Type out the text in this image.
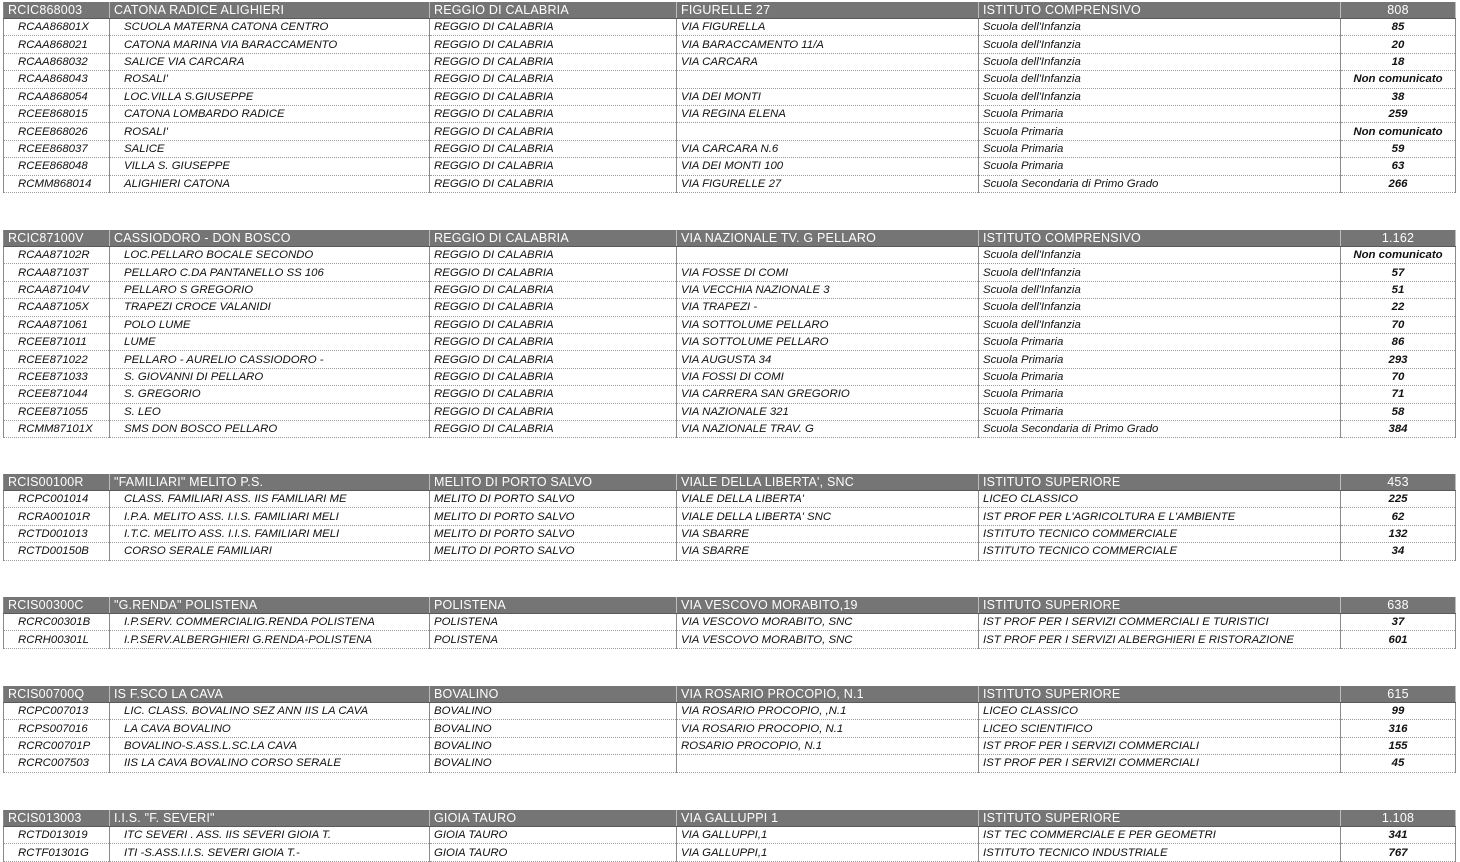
RCIC868003	CATONA RADICE ALIGHIERI	REGGIO DI CALABRIA	FIGURELLE 27	ISTITUTO COMPRENSIVO	808
RCAA86801X	SCUOLA MATERNA CATONA CENTRO	REGGIO DI CALABRIA	VIA FIGURELLA	Scuola dell'Infanzia	85
RCAA868021	CATONA MARINA VIA BARACCAMENTO	REGGIO DI CALABRIA	VIA BARACCAMENTO 11/A	Scuola dell'Infanzia	20
RCAA868032	SALICE VIA CARCARA	REGGIO DI CALABRIA	VIA CARCARA	Scuola dell'Infanzia	18
RCAA868043	ROSALI'	REGGIO DI CALABRIA		Scuola dell'Infanzia	Non comunicato
RCAA868054	LOC.VILLA S.GIUSEPPE	REGGIO DI CALABRIA	VIA DEI MONTI	Scuola dell'Infanzia	38
RCEE868015	CATONA LOMBARDO RADICE	REGGIO DI CALABRIA	VIA REGINA ELENA	Scuola Primaria	259
RCEE868026	ROSALI'	REGGIO DI CALABRIA		Scuola Primaria	Non comunicato
RCEE868037	SALICE	REGGIO DI CALABRIA	VIA CARCARA N.6	Scuola Primaria	59
RCEE868048	VILLA S. GIUSEPPE	REGGIO DI CALABRIA	VIA DEI MONTI 100	Scuola Primaria	63
RCMM868014	ALIGHIERI CATONA	REGGIO DI CALABRIA	VIA FIGURELLE 27	Scuola Secondaria di Primo Grado	266
RCIC87100V	CASSIODORO - DON BOSCO	REGGIO DI CALABRIA	VIA NAZIONALE TV. G PELLARO	ISTITUTO COMPRENSIVO	1.162
RCAA87102R	LOC.PELLARO BOCALE SECONDO	REGGIO DI CALABRIA		Scuola dell'Infanzia	Non comunicato
RCAA87103T	PELLARO C.DA PANTANELLO SS 106	REGGIO DI CALABRIA	VIA FOSSE DI COMI	Scuola dell'Infanzia	57
RCAA87104V	PELLARO S GREGORIO	REGGIO DI CALABRIA	VIA VECCHIA NAZIONALE 3	Scuola dell'Infanzia	51
RCAA87105X	TRAPEZI CROCE VALANIDI	REGGIO DI CALABRIA	VIA TRAPEZI -	Scuola dell'Infanzia	22
RCAA871061	POLO LUME	REGGIO DI CALABRIA	VIA SOTTOLUME PELLARO	Scuola dell'Infanzia	70
RCEE871011	LUME	REGGIO DI CALABRIA	VIA SOTTOLUME PELLARO	Scuola Primaria	86
RCEE871022	PELLARO - AURELIO CASSIODORO -	REGGIO DI CALABRIA	VIA AUGUSTA 34	Scuola Primaria	293
RCEE871033	S. GIOVANNI DI PELLARO	REGGIO DI CALABRIA	VIA FOSSI DI COMI	Scuola Primaria	70
RCEE871044	S. GREGORIO	REGGIO DI CALABRIA	VIA CARRERA SAN GREGORIO	Scuola Primaria	71
RCEE871055	S. LEO	REGGIO DI CALABRIA	VIA NAZIONALE 321	Scuola Primaria	58
RCMM87101X	SMS DON BOSCO PELLARO	REGGIO DI CALABRIA	VIA NAZIONALE TRAV. G	Scuola Secondaria di Primo Grado	384
RCIS00100R	"FAMILIARI" MELITO P.S.	MELITO DI PORTO SALVO	VIALE DELLA LIBERTA', SNC	ISTITUTO SUPERIORE	453
RCPC001014	CLASS. FAMILIARI ASS. IIS FAMILIARI ME	MELITO DI PORTO SALVO	VIALE DELLA LIBERTA'	LICEO CLASSICO	225
RCRA00101R	I.P.A. MELITO ASS. I.I.S. FAMILIARI MELI	MELITO DI PORTO SALVO	VIALE DELLA LIBERTA' SNC	IST PROF PER L'AGRICOLTURA E L'AMBIENTE	62
RCTD001013	I.T.C. MELITO ASS. I.I.S. FAMILIARI MELI	MELITO DI PORTO SALVO	VIA SBARRE	ISTITUTO TECNICO COMMERCIALE	132
RCTD00150B	CORSO SERALE FAMILIARI	MELITO DI PORTO SALVO	VIA SBARRE	ISTITUTO TECNICO COMMERCIALE	34
RCIS00300C	"G.RENDA" POLISTENA	POLISTENA	VIA VESCOVO MORABITO,19	ISTITUTO SUPERIORE	638
RCRC00301B	I.P.SERV. COMMERCIALIG.RENDA POLISTENA	POLISTENA	VIA VESCOVO MORABITO, SNC	IST PROF PER I SERVIZI COMMERCIALI E TURISTICI	37
RCRH00301L	I.P.SERV.ALBERGHIERI G.RENDA-POLISTENA	POLISTENA	VIA VESCOVO MORABITO, SNC	IST PROF PER I SERVIZI ALBERGHIERI E RISTORAZIONE	601
RCIS00700Q	IS F.SCO LA CAVA	BOVALINO	VIA ROSARIO PROCOPIO, N.1	ISTITUTO SUPERIORE	615
RCPC007013	LIC. CLASS. BOVALINO SEZ ANN IIS LA CAVA	BOVALINO	VIA ROSARIO PROCOPIO, ,N.1	LICEO CLASSICO	99
RCPS007016	LA CAVA BOVALINO	BOVALINO	VIA ROSARIO PROCOPIO, N.1	LICEO SCIENTIFICO	316
RCRC00701P	BOVALINO-S.ASS.L.SC.LA CAVA	BOVALINO	ROSARIO PROCOPIO, N.1	IST PROF PER I SERVIZI COMMERCIALI	155
RCRC007503	IIS LA CAVA BOVALINO CORSO SERALE	BOVALINO		IST PROF PER I SERVIZI COMMERCIALI	45
RCIS013003	I.I.S. "F. SEVERI"	GIOIA TAURO	VIA GALLUPPI 1	ISTITUTO SUPERIORE	1.108
RCTD013019	ITC SEVERI . ASS. IIS SEVERI GIOIA T.	GIOIA TAURO	VIA GALLUPPI,1	IST TEC COMMERCIALE E PER GEOMETRI	341
RCTF01301G	ITI -S.ASS.I.I.S. SEVERI GIOIA T.-	GIOIA TAURO	VIA GALLUPPI,1	ISTITUTO TECNICO INDUSTRIALE	767
